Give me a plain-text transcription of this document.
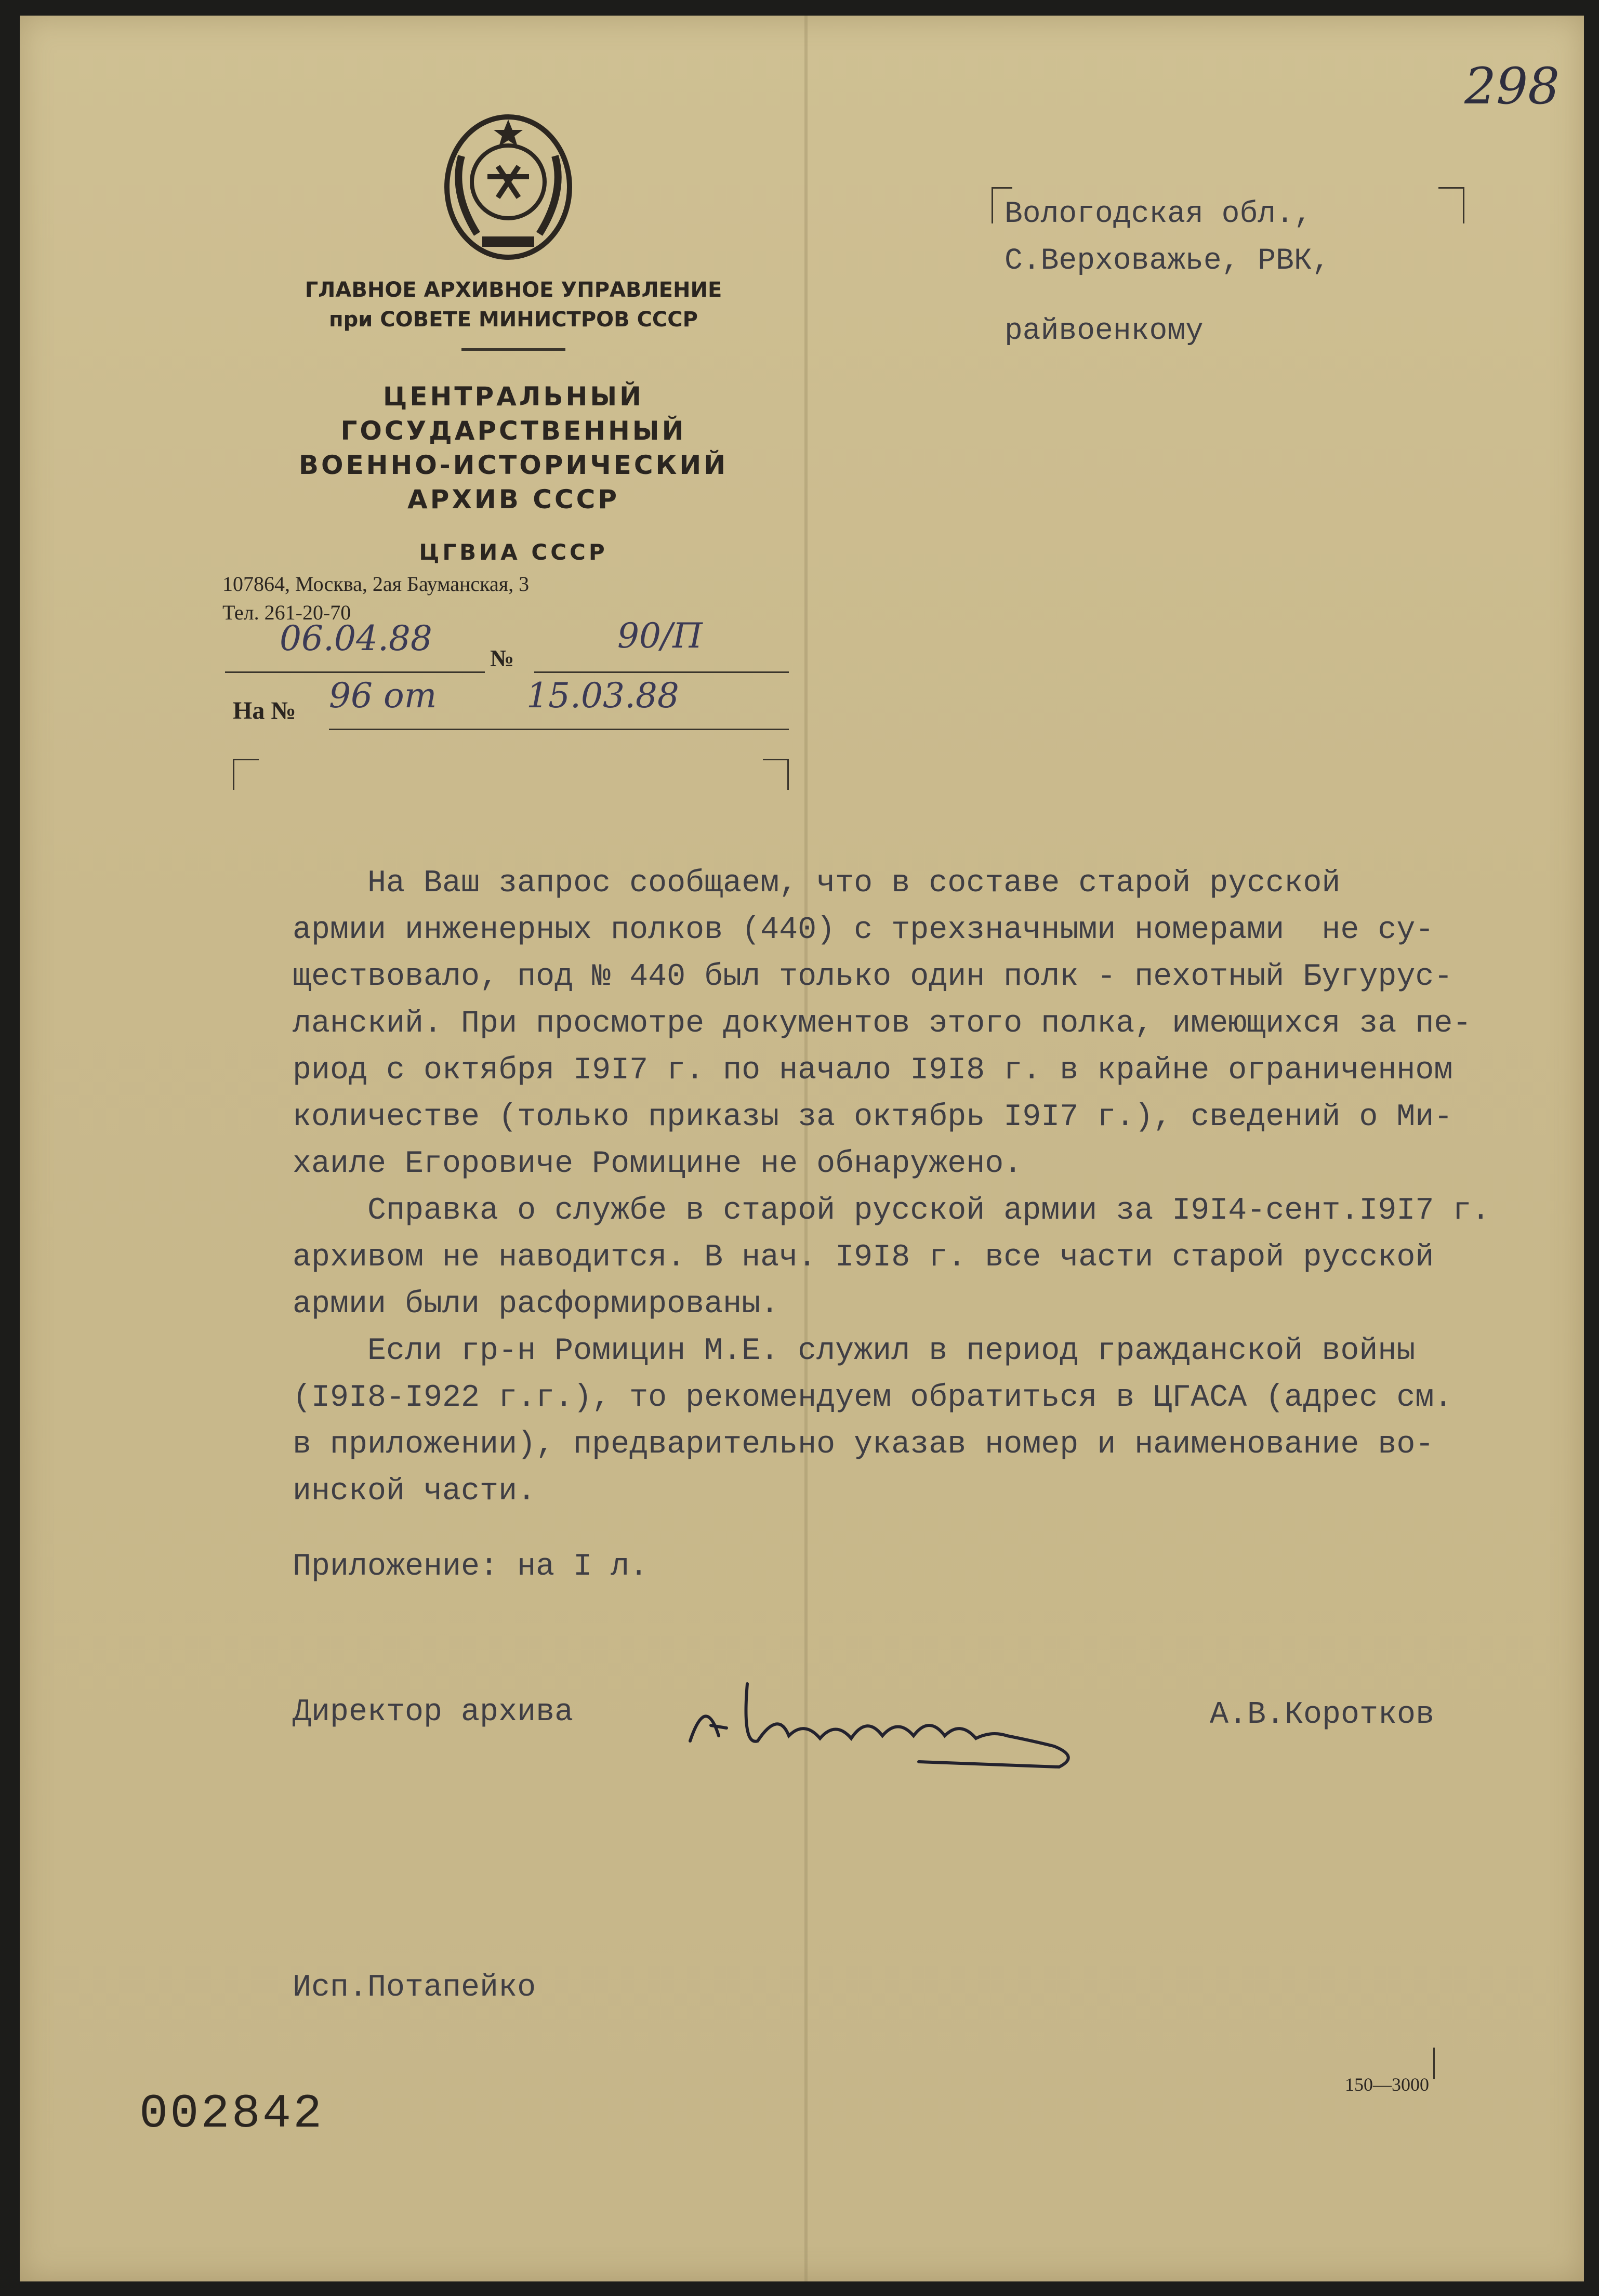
298
ГЛАВНОЕ АРХИВНОЕ УПРАВЛЕНИЕ
при СОВЕТЕ МИНИСТРОВ СССР
ЦЕНТРАЛЬНЫЙ
ГОСУДАРСТВЕННЫЙ
ВОЕННО-ИСТОРИЧЕСКИЙ
АРХИВ СССР
ЦГВИА СССР
107864, Москва, 2ая Бауманская, 3
Тел. 261-20-70
06.04.88 №
90/П
На № 96 от	15.03.88
Вологодская обл.,
С.Верховажье, РВК,
райвоенкому
На Ваш запрос сообщаем, что в составе старой русской
армии инженерных полков (440) с трехзначными номерами  не су-
ществовало, под № 440 был только один полк - пехотный Бугурус-
ланский. При просмотре документов этого полка, имеющихся за пе-
риод с октября I9I7 г. по начало I9I8 г. в крайне ограниченном
количестве (только приказы за октябрь I9I7 г.), сведений о Ми-
хаиле Егоровиче Ромицине не обнаружено.
Справка о службе в старой русской армии за I9I4-сент.I9I7 г.
архивом не наводится. В нач. I9I8 г. все части старой русской
армии были расформированы.
Если гр-н Ромицин М.Е. служил в период гражданской войны
(I9I8-I922 г.г.), то рекомендуем обратиться в ЦГАСА (адрес см.
в приложении), предварительно указав номер и наименование во-
инской части.
Приложение: на I л.
Директор архива	А.В.Коротков
Исп.Потапейко
002842
150—3000
